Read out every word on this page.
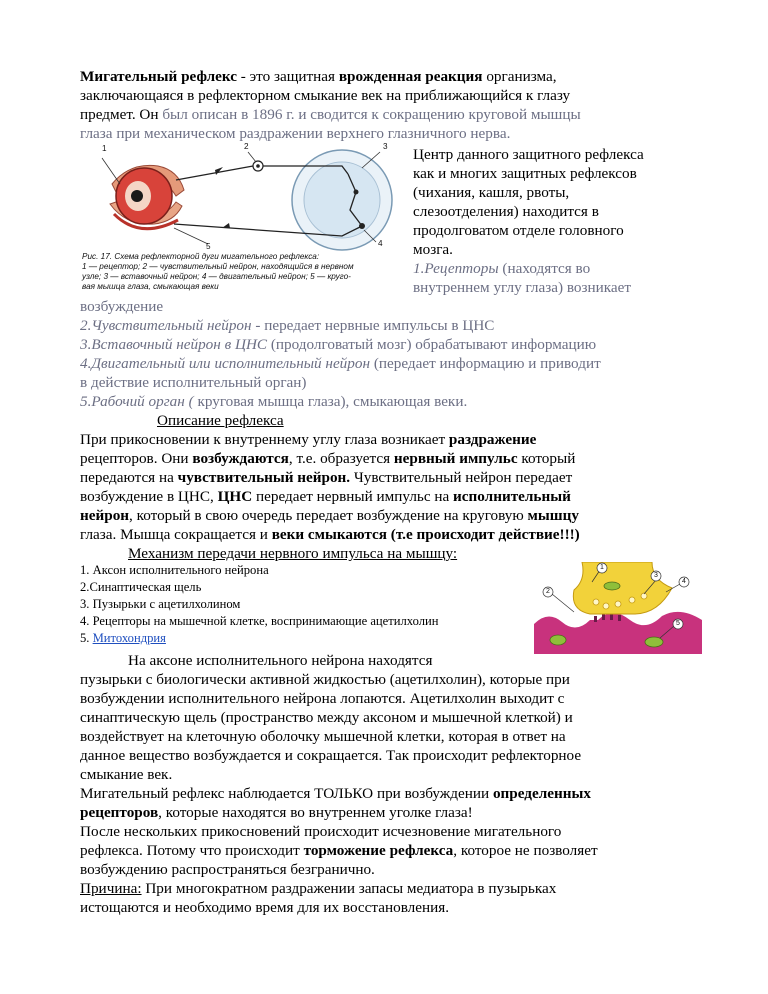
Мигательный рефлекс - это защитная врожденная реакция организма,
заключающаяся в рефлекторном смыкание век на приближающийся к глазу
предмет. Он был описан в 1896 г. и сводится к сокращению круговой мышцы
глаза при механическом раздражении верхнего глазничного нерва.
1	2	3
4
5
Рис. 17. Схема рефлекторной дуги мигательного рефлекса:
1 — рецептор; 2 — чувствительный нейрон, находящийся в нервном
узле; 3 — вставочный нейрон; 4 — двигательный нейрон; 5 — круго-
вая мышца глаза, смыкающая веки
Центр данного защитного рефлекса
как и многих защитных рефлексов
(чихания, кашля, рвоты,
слезоотделения) находится в
продолговатом отделе головного
мозга.
1.Рецепторы (находятся во
внутреннем углу глаза) возникает
возбуждение
2.Чувствительный нейрон - передает нервные импульсы в ЦНС
3.Вставочный нейрон в ЦНС (продолговатый мозг) обрабатывают информацию
4.Двигательный или исполнительный нейрон (передает информацию и приводит
в действие исполнительный орган)
5.Рабочий орган ( круговая мышца глаза), смыкающая веки.
Описание рефлекса
При прикосновении к внутреннему углу глаза возникает раздражение
рецепторов. Они возбуждаются, т.е. образуется нервный импульс который
передаются на чувствительный нейрон. Чувствительный нейрон передает
возбуждение в ЦНС, ЦНС передает нервный импульс на исполнительный
нейрон, который в свою очередь передает возбуждение на круговую мышцу
глаза. Мышца сокращается и веки смыкаются (т.е происходит действие!!!)
Механизм передачи нервного импульса на мышцу:
1. Аксон исполнительного нейрона
2.Синаптическая щель
3. Пузырьки с ацетилхолином
4. Рецепторы на мышечной клетке, воспринимающие ацетилхолин
5. Митохондрия
1
2
3
4
5
На аксоне исполнительного нейрона находятся
пузырьки с биологически активной жидкостью (ацетилхолин), которые при
возбуждении исполнительного нейрона лопаются. Ацетилхолин выходит с
синаптическую щель (пространство между аксоном и мышечной клеткой) и
воздействует на клеточную оболочку мышечной клетки, которая в ответ на
данное вещество возбуждается и сокращается. Так происходит рефлекторное
смыкание век.
Мигательный рефлекс наблюдается ТОЛЬКО при возбуждении определенных
рецепторов, которые находятся во внутреннем уголке глаза!
После нескольких прикосновений происходит исчезновение мигательного
рефлекса. Потому что происходит торможение рефлекса, которое не позволяет
возбуждению распространяться безгранично.
Причина: При многократном раздражении запасы медиатора в пузырьках
истощаются и необходимо время для их восстановления.
